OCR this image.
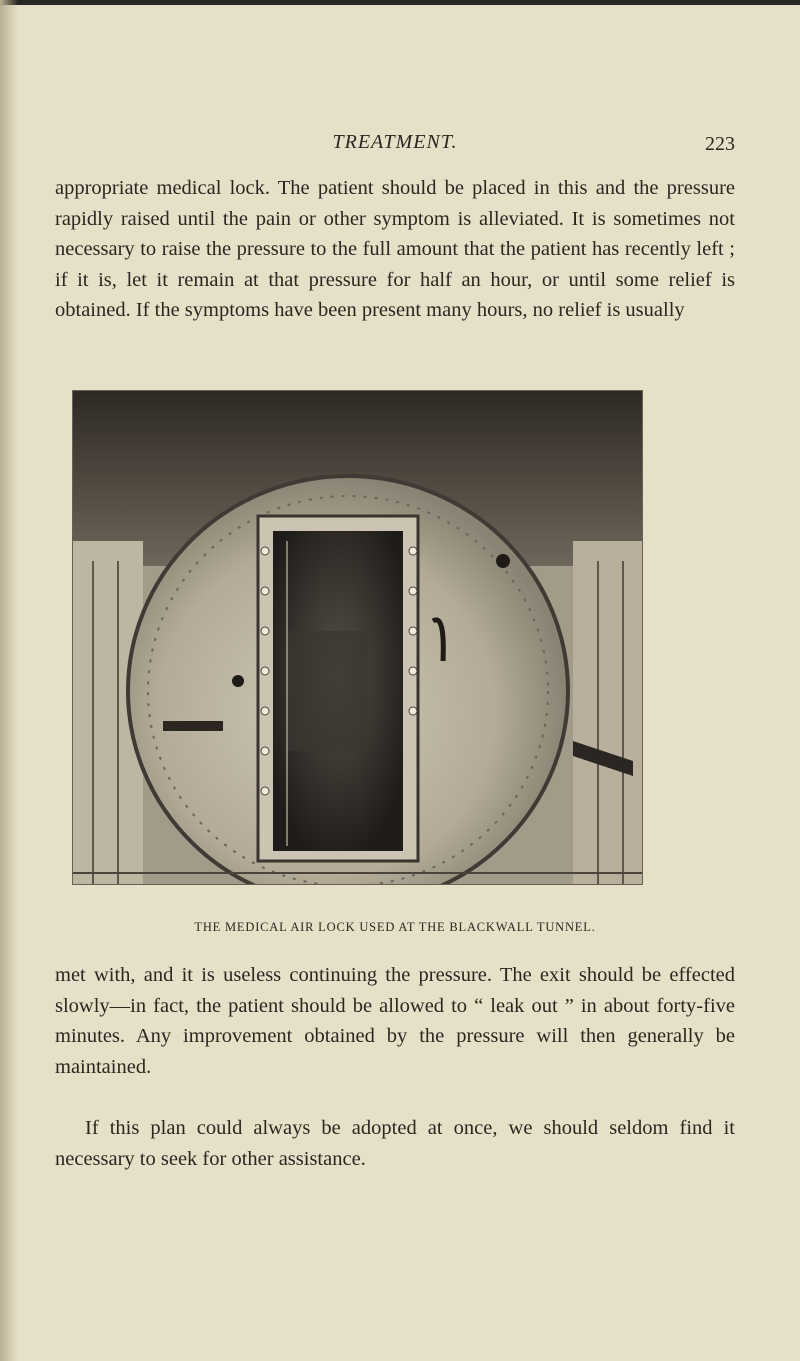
TREATMENT.	223

appropriate medical lock. The patient should be placed in this and the pressure rapidly raised until the pain or other symptom is alleviated. It is sometimes not necessary to raise the pressure to the full amount that the patient has recently left ; if it is, let it remain at that pressure for half an hour, or until some relief is obtained. If the symptoms have been present many hours, no relief is usually

THE MEDICAL AIR LOCK USED AT THE BLACKWALL TUNNEL.

met with, and it is useless continuing the pressure. The exit should be effected slowly—in fact, the patient should be allowed to “ leak out ” in about forty-five minutes. Any improvement obtained by the pressure will then generally be maintained.

If this plan could always be adopted at once, we should seldom find it necessary to seek for other assistance.
